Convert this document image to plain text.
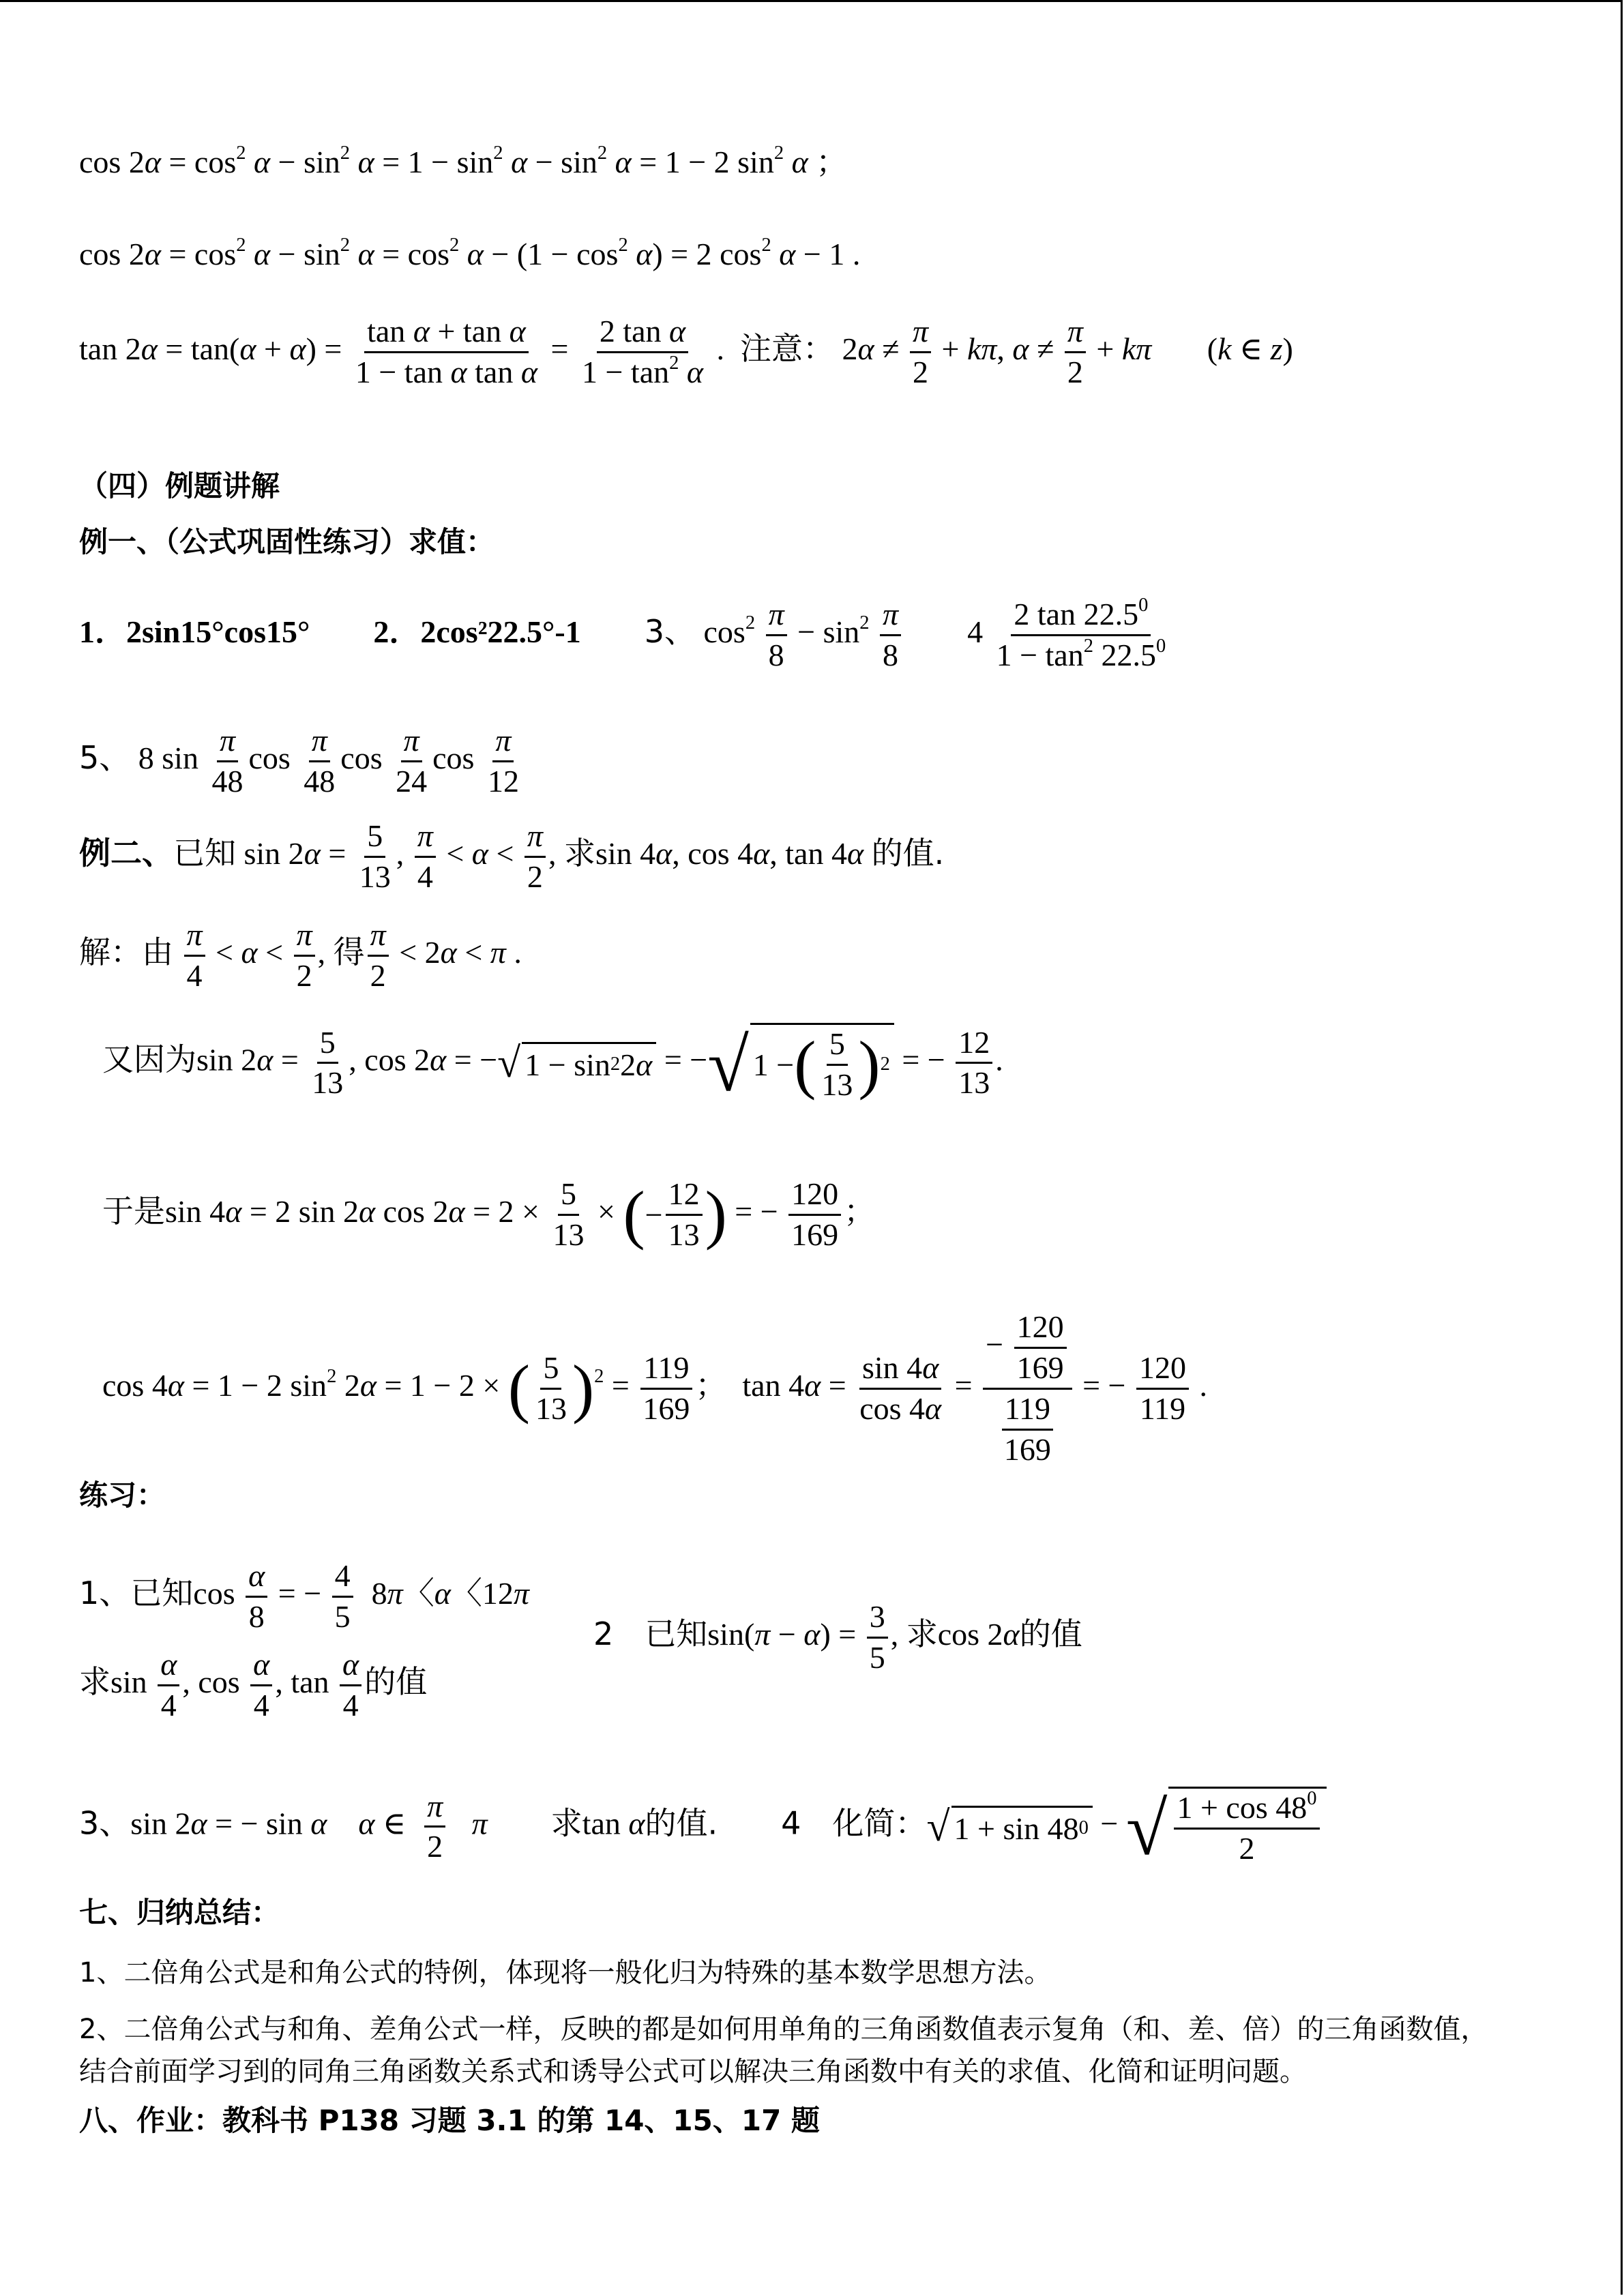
$\cos 2\alpha = \cos^2 \alpha - \sin^2 \alpha = 1 - \sin^2 \alpha - \sin^2 \alpha = 1 - 2$ $\sin^2 \alpha$ ；
$\cos 2\alpha = \cos^2 \alpha - \sin^2 \alpha = \cos^2 \alpha - (1 - \cos^2 \alpha) = 2$ $\cos^2 \alpha - 1$ .
$\tan 2\alpha = \tan(\alpha + \alpha) = \frac{\text{tan α + tan α}}{\text{1 − tan α tan α}} = \frac{\text{2 tan α}}{1 - \tan^2 \alpha}$ .  注意： $2\alpha \ne \frac{\pi}{2} + k\pi$, $\alpha \ne \frac{\pi}{2} + k\pi$ (k ∈ z)
（四）例题讲解
例一、（公式巩固性练习）求值：
1．2sin15°cos15° 2．2cos²22.5°-1 3、 $\cos^2 \frac{\pi}{8} - \sin^2 \frac{\pi}{8} 4 \frac{2 \tan 22.5^0}{1 - \tan^2 22.5^0}$
5、 8 $\sin \frac{\pi}{48}$ $\cos \frac{\pi}{48}$ $\cos \frac{\pi}{24}$ $\cos \frac{\pi}{12}$
例二、已知 $\sin 2\alpha = \frac{5}{13}$ , $\frac{\pi}{4} < \alpha < \frac{\pi}{2}$ , 求sin 4α, cos 4α, tan 4α 的值.
解：由 $\frac{\pi}{4} < \alpha < \frac{\pi}{2}$ , 得 $\frac{\pi}{2} < 2\alpha < \pi$ .
又因为$\sin 2\alpha = \frac{5}{13}$ , cos 2α = − √ 1 − sin 2 2 α = − √ 1 − ( $\frac{5}{13}$ ) 2 = − $\frac{12}{13}$ .
于是sin 4α = 2 sin 2α $\cos 2\alpha = 2 \times \frac{5}{13}$ × ( − $\frac{12}{13}$ ) = − $\frac{120}{169}$ ；
cos 4α = 1 − 2 $\sin^2 2\alpha = 1 - 2$ × ( $\frac{5}{13}$ ) $^2 = \frac{119}{169}$ ；  $\tan 4\alpha = \frac{\sin 4\alpha}{\cos 4\alpha} = \frac{- \frac{120}{169}}{\frac{119}{169}}$ = − $\frac{120}{119}$ .
练习：
1、已知$\cos \frac{\alpha}{8}$ = − $\frac{4}{5} 8\pi$〈α〈12π
求$\sin \frac{\alpha}{4}$ , $\cos \frac{\alpha}{4}$ , $\tan \frac{\alpha}{4}$ 的值
2　已知$\sin(\pi - \alpha) = \frac{3}{5}$ , 求cos 2α的值
3、sin 2α = − sin α α ∈ $\frac{\pi}{2}$ π 求tan α的值. 4　化简： √ 1 + sin 48 0 − √ $\frac{1 + \cos 48^0}{2}$
七、归纳总结：
1、二倍角公式是和角公式的特例，体现将一般化归为特殊的基本数学思想方法。
2、二倍角公式与和角、差角公式一样，反映的都是如何用单角的三角函数值表示复角（和、差、倍）的三角函数值，结合前面学习到的同角三角函数关系式和诱导公式可以解决三角函数中有关的求值、化简和证明问题。
八、作业：教科书 P138 习题 3.1 的第 14、15、17 题
